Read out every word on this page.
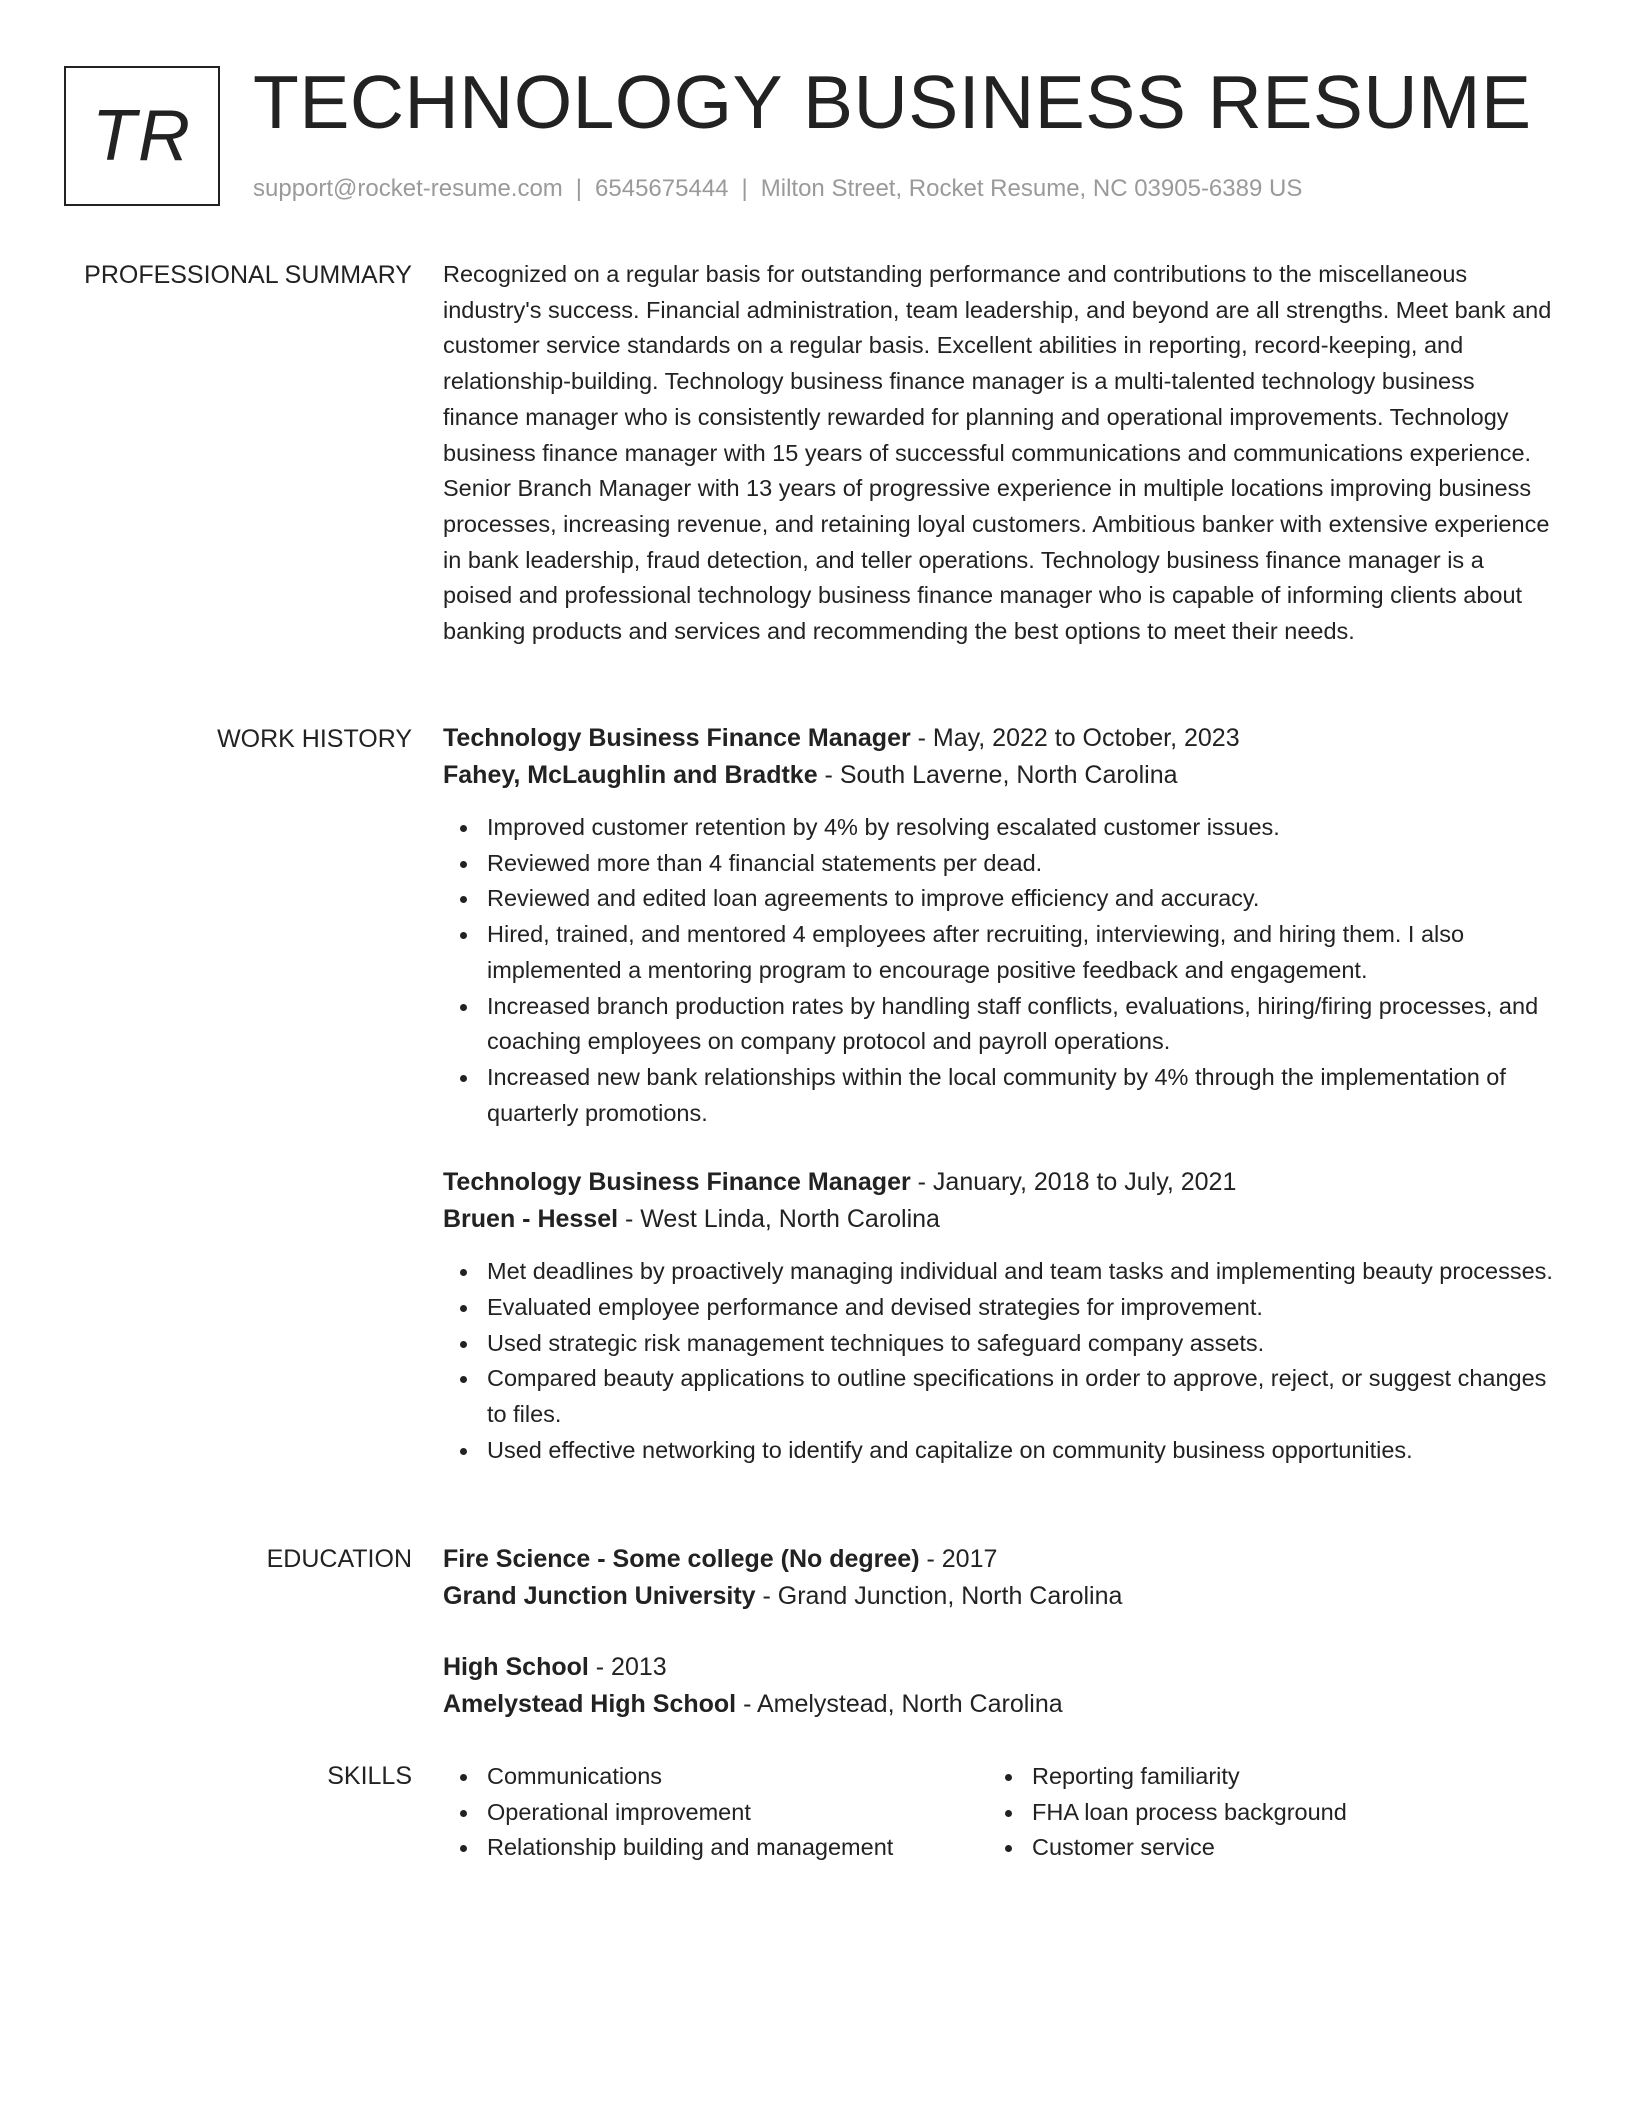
TR TECHNOLOGY BUSINESS RESUME
support@rocket-resume.com | 6545675444 | Milton Street, Rocket Resume, NC 03905-6389 US
PROFESSIONAL SUMMARY Recognized on a regular basis for outstanding performance and contributions to the miscellaneous industry's success. Financial administration, team leadership, and beyond are all strengths. Meet bank and customer service standards on a regular basis. Excellent abilities in reporting, record-keeping, and relationship-building. Technology business finance manager is a multi-talented technology business finance manager who is consistently rewarded for planning and operational improvements. Technology business finance manager with 15 years of successful communications and communications experience. Senior Branch Manager with 13 years of progressive experience in multiple locations improving business processes, increasing revenue, and retaining loyal customers. Ambitious banker with extensive experience in bank leadership, fraud detection, and teller operations. Technology business finance manager is a poised and professional technology business finance manager who is capable of informing clients about banking products and services and recommending the best options to meet their needs.

WORK HISTORY Technology Business Finance Manager - May, 2022 to October, 2023

Fahey, McLaughlin and Bradtke - South Laverne, North Carolina

Improved customer retention by 4% by resolving escalated customer issues.
Reviewed more than 4 financial statements per dead.
Reviewed and edited loan agreements to improve efficiency and accuracy.
Hired, trained, and mentored 4 employees after recruiting, interviewing, and hiring them. I also implemented a mentoring program to encourage positive feedback and engagement.
Increased branch production rates by handling staff conflicts, evaluations, hiring/firing processes, and coaching employees on company protocol and payroll operations.
Increased new bank relationships within the local community by 4% through the implementation of quarterly promotions.

Technology Business Finance Manager - January, 2018 to July, 2021

Bruen - Hessel - West Linda, North Carolina

Met deadlines by proactively managing individual and team tasks and implementing beauty processes.
Evaluated employee performance and devised strategies for improvement.
Used strategic risk management techniques to safeguard company assets.
Compared beauty applications to outline specifications in order to approve, reject, or suggest changes to files.
Used effective networking to identify and capitalize on community business opportunities.
EDUCATION Fire Science - Some college (No degree) - 2017

Grand Junction University - Grand Junction, North Carolina

High School - 2013

Amelystead High School - Amelystead, North Carolina

SKILLS	Communications
Operational improvement
Relationship building and management
Reporting familiarity
FHA loan process background
Customer service
